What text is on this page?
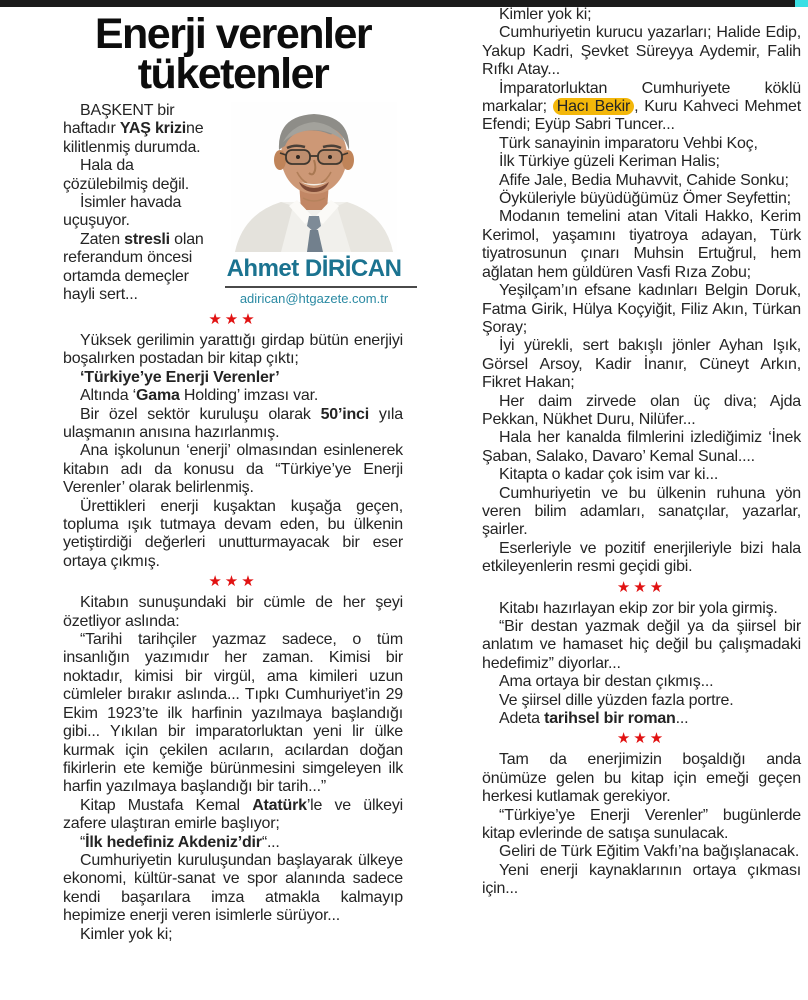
Enerji verenler
tüketenler
Ahmet DİRİCAN
adirican@htgazete.com.tr

BAŞKENT bir haftadır YAŞ krizine kilitlenmiş durumda.

Hala da çözülebilmiş değil.

İsimler havada uçuşuyor.

Zaten stresli olan referandum öncesi ortamda demeçler hayli sert...

★★★

Yüksek gerilimin yarattığı girdap bütün enerjiyi boşalırken postadan bir kitap çıktı;

‘Türkiye’ye Enerji Verenler’

Altında ‘Gama Holding’ imzası var.

Bir özel sektör kuruluşu olarak 50’inci yıla ulaşmanın anısına hazırlanmış.

Ana işkolunun ‘enerji’ olmasından esinlenerek kitabın adı da konusu da “Türkiye’ye Enerji Verenler’ olarak belirlenmiş.

Ürettikleri enerji kuşaktan kuşağa geçen, topluma ışık tutmaya devam eden, bu ülkenin yetiştirdiği değerleri unutturmayacak bir eser ortaya çıkmış.

★★★

Kitabın sunuşundaki bir cümle de her şeyi özetliyor aslında:

“Tarihi tarihçiler yazmaz sadece, o tüm insanlığın yazımıdır her zaman. Kimisi bir noktadır, kimisi bir virgül, ama kimileri uzun cümleler bırakır aslında... Tıpkı Cumhuriyet’in 29 Ekim 1923’te ilk harfinin yazılmaya başlandığı gibi... Yıkılan bir imparatorluktan yeni lir ülke kurmak için çekilen acıların, acılardan doğan fikirlerin ete kemiğe bürünmesini simgeleyen ilk harfin yazılmaya başlandığı bir tarih...”

Kitap Mustafa Kemal Atatürk’le ve ülkeyi zafere ulaştıran emirle başlıyor;

“İlk hedefiniz Akdeniz’dir“...

Cumhuriyetin kuruluşundan başlayarak ülkeye ekonomi, kültür-sanat ve spor alanında sadece kendi başarılara imza atmakla kalmayıp hepimize enerji veren isimlerle sürüyor...

Kimler yok ki;

Kimler yok ki;

Cumhuriyetin kurucu yazarları; Halide Edip, Yakup Kadri, Şevket Süreyya Aydemir, Falih Rıfkı Atay...

İmparatorluktan Cumhuriyete köklü markalar; Hacı Bekir , Kuru Kahveci Mehmet Efendi; Eyüp Sabri Tuncer...

Türk sanayinin imparatoru Vehbi Koç,

İlk Türkiye güzeli Keriman Halis;

Afife Jale, Bedia Muhavvit, Cahide Sonku;

Öyküleriyle büyüdüğümüz Ömer Seyfettin;

Modanın temelini atan Vitali Hakko, Kerim Kerimol, yaşamını tiyatroya adayan, Türk tiyatrosunun çınarı Muhsin Ertuğrul, hem ağlatan hem güldüren Vasfi Rıza Zobu;

Yeşilçam’ın efsane kadınları Belgin Doruk, Fatma Girik, Hülya Koçyiğit, Filiz Akın, Türkan Şoray;

İyi yürekli, sert bakışlı jönler Ayhan Işık, Görsel Arsoy, Kadir İnanır, Cüneyt Arkın, Fikret Hakan;

Her daim zirvede olan üç diva; Ajda Pekkan, Nükhet Duru, Nilüfer...

Hala her kanalda filmlerini izlediğimiz ‘İnek Şaban, Salako, Davaro’ Kemal Sunal....

Kitapta o kadar çok isim var ki...

Cumhuriyetin ve bu ülkenin ruhuna yön veren bilim adamları, sanatçılar, yazarlar, şairler.

Eserleriyle ve pozitif enerjileriyle bizi hala etkileyenlerin resmi geçidi gibi.

★★★

Kitabı hazırlayan ekip zor bir yola girmiş.

“Bir destan yazmak değil ya da şiirsel bir anlatım ve hamaset hiç değil bu çalışmadaki hedefimiz” diyorlar...

Ama ortaya bir destan çıkmış...

Ve şiirsel dille yüzden fazla portre.

Adeta tarihsel bir roman...

★★★

Tam da enerjimizin boşaldığı anda önümüze gelen bu kitap için emeği geçen herkesi kutlamak gerekiyor.

“Türkiye’ye Enerji Verenler” bugünlerde kitap evlerinde de satışa sunulacak.

Geliri de Türk Eğitim Vakfı’na bağışlanacak.

Yeni enerji kaynaklarının ortaya çıkması için...
